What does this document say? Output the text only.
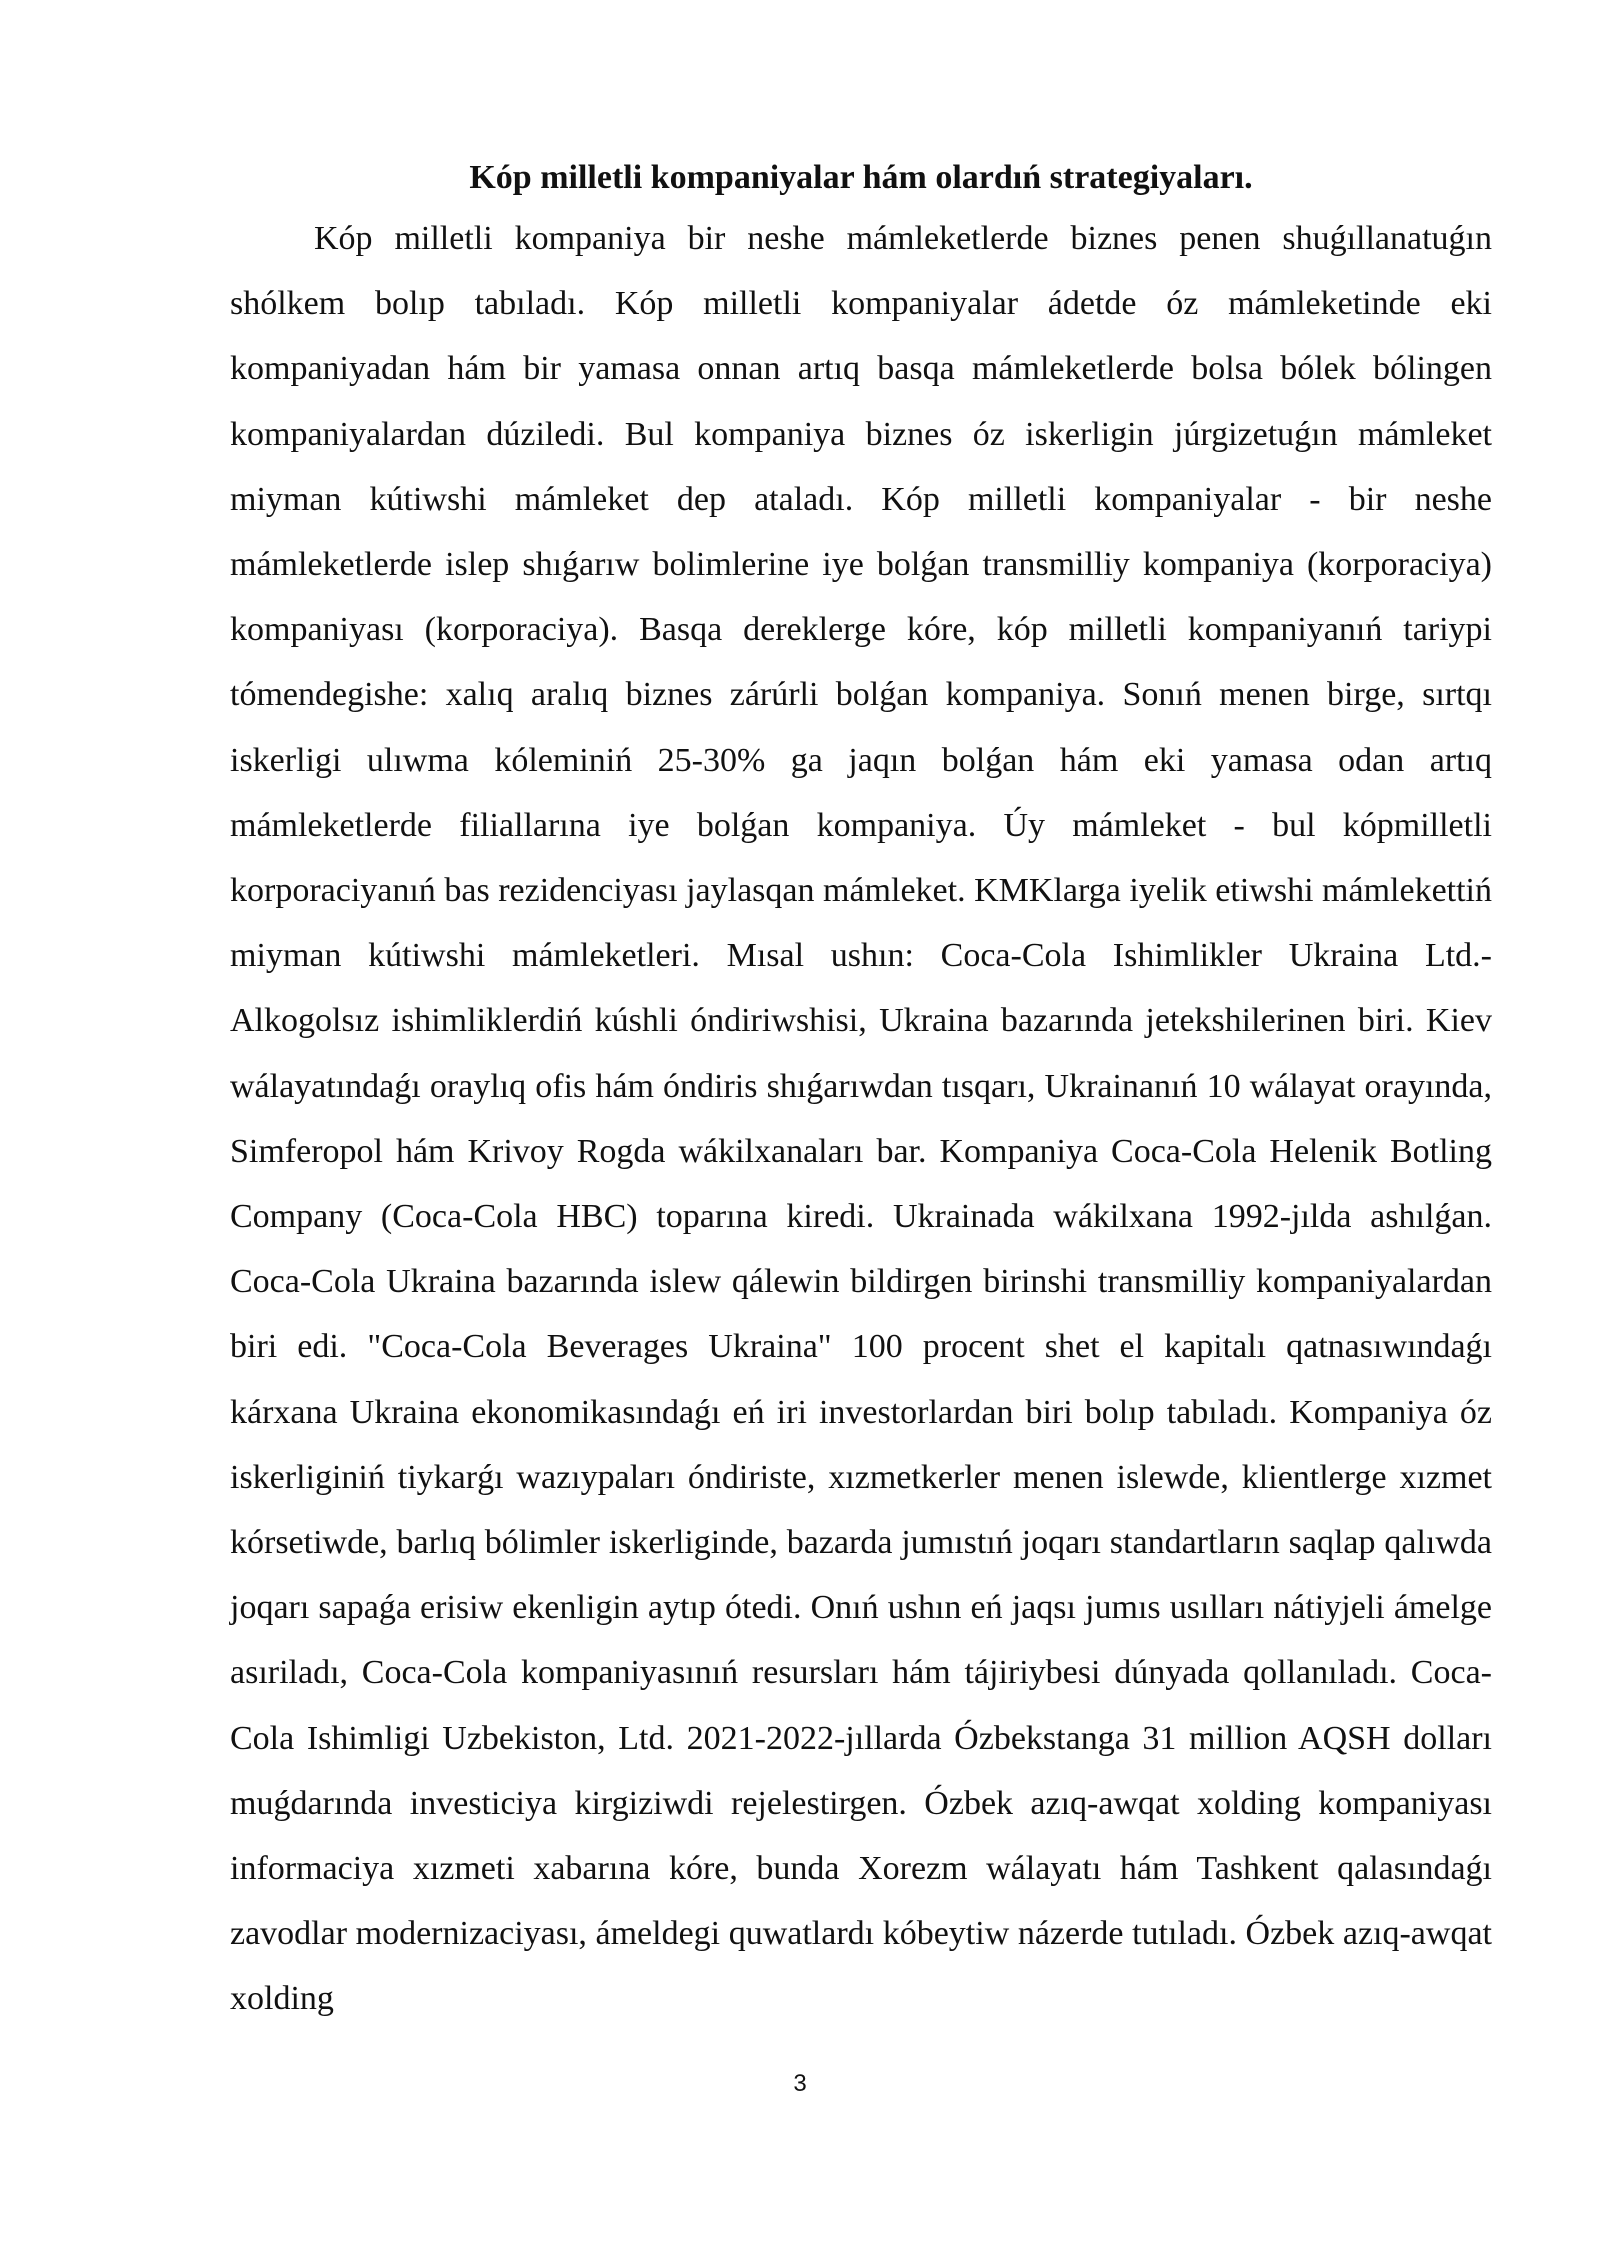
Kóp milletli kompaniyalar hám olardıń strategiyaları.

Kóp milletli kompaniya bir neshe mámleketlerde biznes penen shuǵıllanatuǵın shólkem bolıp tabıladı. Kóp milletli kompaniyalar ádetde óz mámleketinde eki kompaniyadan hám bir yamasa onnan artıq basqa mámleketlerde bolsa bólek bólingen kompaniyalardan dúziledi. Bul kompaniya biznes óz iskerligin júrgizetuǵın mámleket miyman kútiwshi mámleket dep ataladı. Kóp milletli kompaniyalar - bir neshe mámleketlerde islep shıǵarıw bolimlerine iye bolǵan transmilliy kompaniya (korporaciya) kompaniyası (korporaciya). Basqa dereklerge kóre, kóp milletli kompaniyanıń tariypi tómendegishe: xalıq aralıq biznes zárúrli bolǵan kompaniya. Sonıń menen birge, sırtqı iskerligi ulıwma kóleminiń 25-30% ga jaqın bolǵan hám eki yamasa odan artıq mámleketlerde filiallarına iye bolǵan kompaniya. Úy mámleket - bul kópmilletli korporaciyanıń bas rezidenciyası jaylasqan mámleket. KMKlarga iyelik etiwshi mámlekettiń miyman kútiwshi mámleketleri. Mısal ushın: Coca-Cola Ishimlikler Ukraina Ltd.- Alkogolsız ishimliklerdiń kúshli óndiriwshisi, Ukraina bazarında jetekshilerinen biri. Kiev wálayatındaǵı oraylıq ofis hám óndiris shıǵarıwdan tısqarı, Ukrainanıń 10 wálayat orayında, Simferopol hám Krivoy Rogda wákilxanaları bar. Kompaniya Coca-Cola Helenik Botling Company (Coca-Cola HBC) toparına kiredi. Ukrainada wákilxana 1992-jılda ashılǵan. Coca-Cola Ukraina bazarında islew qálewin bildirgen birinshi transmilliy kompaniyalardan biri edi. "Coca-Cola Beverages Ukraina" 100 procent shet el kapitalı qatnasıwındaǵı kárxana Ukraina ekonomikasındaǵı eń iri investorlardan biri bolıp tabıladı. Kompaniya óz iskerliginiń tiykarǵı wazıypaları óndiriste, xızmetkerler menen islewde, klientlerge xızmet kórsetiwde, barlıq bólimler iskerliginde, bazarda jumıstıń joqarı standartların saqlap qalıwda joqarı sapaǵa erisiw ekenligin aytıp ótedi. Onıń ushın eń jaqsı jumıs usılları nátiyjeli ámelge asıriladı, Coca-Cola kompaniyasınıń resursları hám tájiriybesi dúnyada qollanıladı. Coca-Cola Ishimligi Uzbekiston, Ltd. 2021-2022-jıllarda Ózbekstanga 31 million AQSH dolları muǵdarında investiciya kirgiziwdi rejelestirgen. Ózbek azıq-awqat xolding kompaniyası informaciya xızmeti xabarına kóre, bunda Xorezm wálayatı hám Tashkent qalasındaǵı zavodlar modernizaciyası, ámeldegi quwatlardı kóbeytiw názerde tutıladı. Ózbek azıq-awqat xolding

3
